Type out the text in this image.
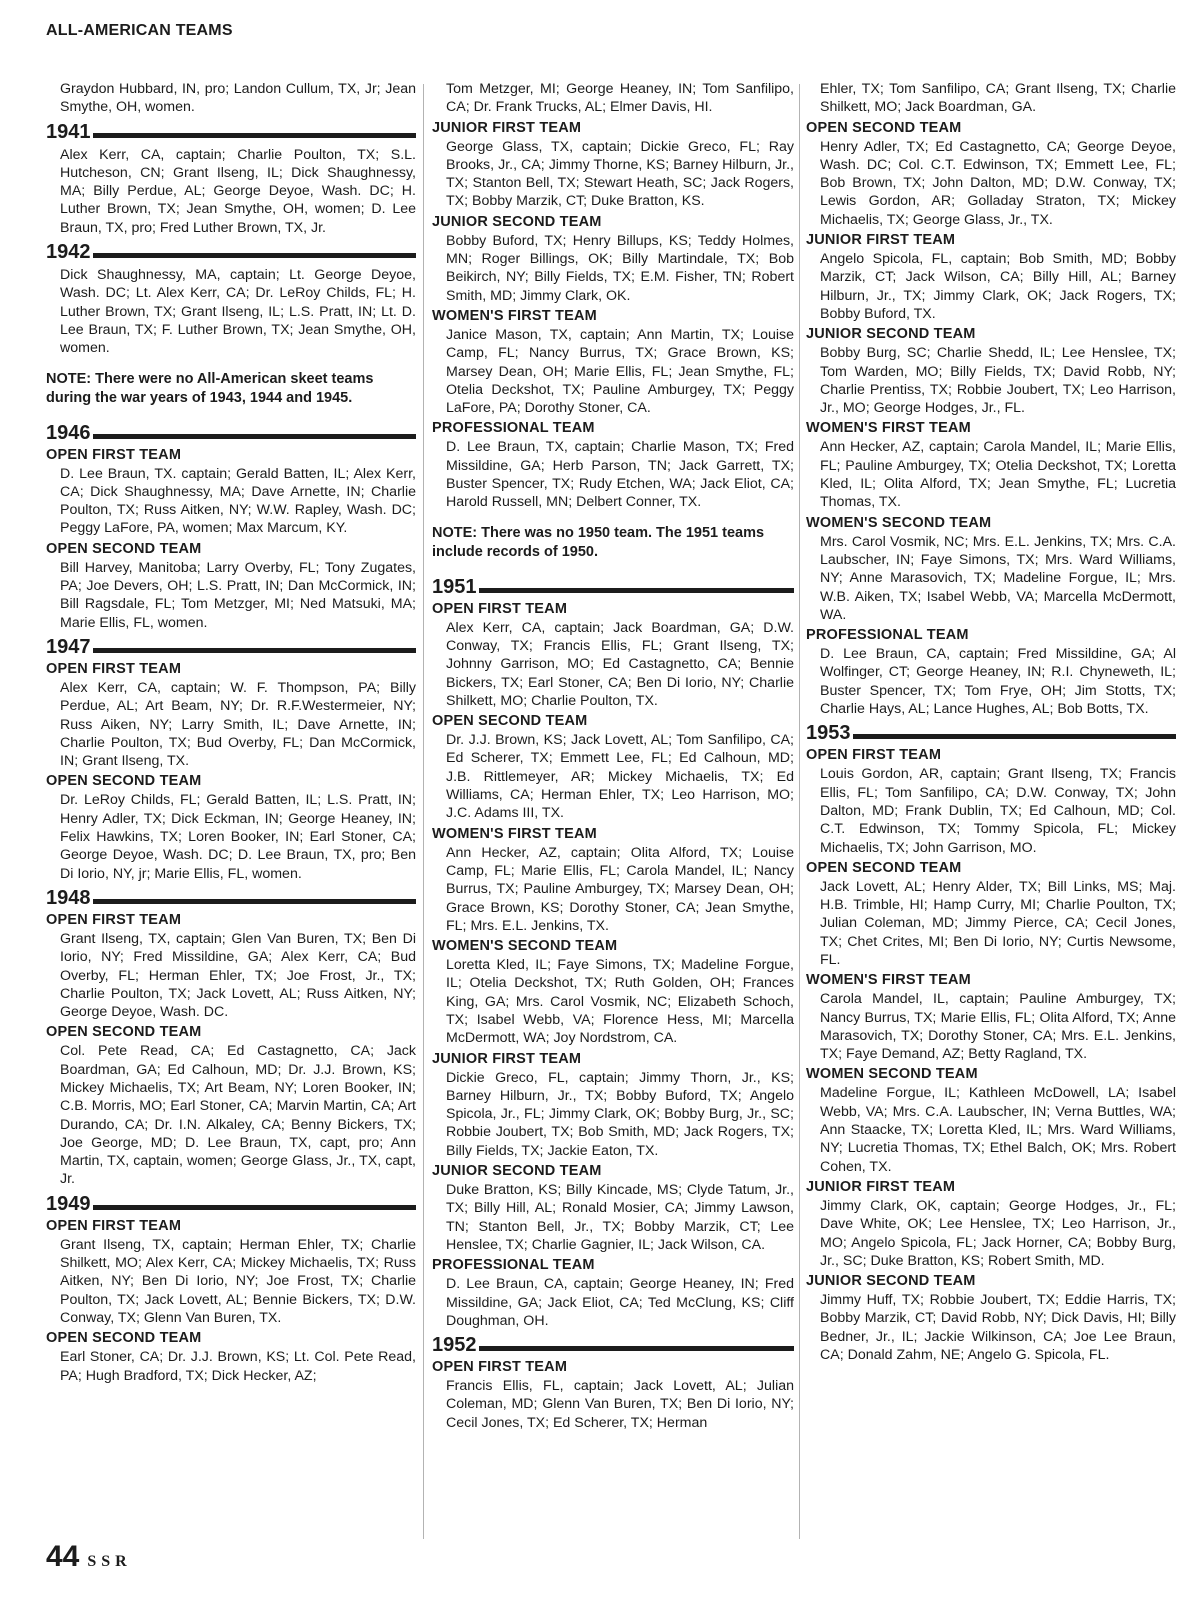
ALL-AMERICAN TEAMS
Graydon Hubbard, IN, pro; Landon Cullum, TX, Jr; Jean Smythe, OH, women.
1941
Alex Kerr, CA, captain; Charlie Poulton, TX; S.L. Hutcheson, CN; Grant Ilseng, IL; Dick Shaughnessy, MA; Billy Perdue, AL; George Deyoe, Wash. DC; H. Luther Brown, TX; Jean Smythe, OH, women; D. Lee Braun, TX, pro; Fred Luther Brown, TX, Jr.
1942
Dick Shaughnessy, MA, captain; Lt. George Deyoe, Wash. DC; Lt. Alex Kerr, CA; Dr. LeRoy Childs, FL; H. Luther Brown, TX; Grant Ilseng, IL; L.S. Pratt, IN; Lt. D. Lee Braun, TX; F. Luther Brown, TX; Jean Smythe, OH, women.
NOTE: There were no All-American skeet teams during the war years of 1943, 1944 and 1945.
1946
OPEN FIRST TEAM
D. Lee Braun, TX. captain; Gerald Batten, IL; Alex Kerr, CA; Dick Shaughnessy, MA; Dave Arnette, IN; Charlie Poulton, TX; Russ Aitken, NY; W.W. Rapley, Wash. DC; Peggy LaFore, PA, women; Max Marcum, KY.
OPEN SECOND TEAM
Bill Harvey, Manitoba; Larry Overby, FL; Tony Zugates, PA; Joe Devers, OH; L.S. Pratt, IN; Dan McCormick, IN; Bill Ragsdale, FL; Tom Metzger, MI; Ned Matsuki, MA; Marie Ellis, FL, women.
1947
OPEN FIRST TEAM
Alex Kerr, CA, captain; W. F. Thompson, PA; Billy Perdue, AL; Art Beam, NY; Dr. R.F.Westermeier, NY; Russ Aiken, NY; Larry Smith, IL; Dave Arnette, IN; Charlie Poulton, TX; Bud Overby, FL; Dan McCormick, IN; Grant Ilseng, TX.
OPEN SECOND TEAM
Dr. LeRoy Childs, FL; Gerald Batten, IL; L.S. Pratt, IN; Henry Adler, TX; Dick Eckman, IN; George Heaney, IN; Felix Hawkins, TX; Loren Booker, IN; Earl Stoner, CA; George Deyoe, Wash. DC; D. Lee Braun, TX, pro; Ben Di Iorio, NY, jr; Marie Ellis, FL, women.
1948
OPEN FIRST TEAM
Grant Ilseng, TX, captain; Glen Van Buren, TX; Ben Di Iorio, NY; Fred Missildine, GA; Alex Kerr, CA; Bud Overby, FL; Herman Ehler, TX; Joe Frost, Jr., TX; Charlie Poulton, TX; Jack Lovett, AL; Russ Aitken, NY; George Deyoe, Wash. DC.
OPEN SECOND TEAM
Col. Pete Read, CA; Ed Castagnetto, CA; Jack Boardman, GA; Ed Calhoun, MD; Dr. J.J. Brown, KS; Mickey Michaelis, TX; Art Beam, NY; Loren Booker, IN; C.B. Morris, MO; Earl Stoner, CA; Marvin Martin, CA; Art Durando, CA; Dr. I.N. Alkaley, CA; Benny Bickers, TX; Joe George, MD; D. Lee Braun, TX, capt, pro; Ann Martin, TX, captain, women; George Glass, Jr., TX, capt, Jr.
1949
OPEN FIRST TEAM
Grant Ilseng, TX, captain; Herman Ehler, TX; Charlie Shilkett, MO; Alex Kerr, CA; Mickey Michaelis, TX; Russ Aitken, NY; Ben Di Iorio, NY; Joe Frost, TX; Charlie Poulton, TX; Jack Lovett, AL; Bennie Bickers, TX; D.W. Conway, TX; Glenn Van Buren, TX.
OPEN SECOND TEAM
Earl Stoner, CA; Dr. J.J. Brown, KS; Lt. Col. Pete Read, PA; Hugh Bradford, TX; Dick Hecker, AZ;
Tom Metzger, MI; George Heaney, IN; Tom Sanfilipo, CA; Dr. Frank Trucks, AL; Elmer Davis, HI.
JUNIOR FIRST TEAM
George Glass, TX, captain; Dickie Greco, FL; Ray Brooks, Jr., CA; Jimmy Thorne, KS; Barney Hilburn, Jr., TX; Stanton Bell, TX; Stewart Heath, SC; Jack Rogers, TX; Bobby Marzik, CT; Duke Bratton, KS.
JUNIOR SECOND TEAM
Bobby Buford, TX; Henry Billups, KS; Teddy Holmes, MN; Roger Billings, OK; Billy Martindale, TX; Bob Beikirch, NY; Billy Fields, TX; E.M. Fisher, TN; Robert Smith, MD; Jimmy Clark, OK.
WOMEN'S FIRST TEAM
Janice Mason, TX, captain; Ann Martin, TX; Louise Camp, FL; Nancy Burrus, TX; Grace Brown, KS; Marsey Dean, OH; Marie Ellis, FL; Jean Smythe, FL; Otelia Deckshot, TX; Pauline Amburgey, TX; Peggy LaFore, PA; Dorothy Stoner, CA.
PROFESSIONAL TEAM
D. Lee Braun, TX, captain; Charlie Mason, TX; Fred Missildine, GA; Herb Parson, TN; Jack Garrett, TX; Buster Spencer, TX; Rudy Etchen, WA; Jack Eliot, CA; Harold Russell, MN; Delbert Conner, TX.
NOTE: There was no 1950 team. The 1951 teams include records of 1950.
1951
OPEN FIRST TEAM
Alex Kerr, CA, captain; Jack Boardman, GA; D.W. Conway, TX; Francis Ellis, FL; Grant Ilseng, TX; Johnny Garrison, MO; Ed Castagnetto, CA; Bennie Bickers, TX; Earl Stoner, CA; Ben Di Iorio, NY; Charlie Shilkett, MO; Charlie Poulton, TX.
OPEN SECOND TEAM
Dr. J.J. Brown, KS; Jack Lovett, AL; Tom Sanfilipo, CA; Ed Scherer, TX; Emmett Lee, FL; Ed Calhoun, MD; J.B. Rittlemeyer, AR; Mickey Michaelis, TX; Ed Williams, CA; Herman Ehler, TX; Leo Harrison, MO; J.C. Adams III, TX.
WOMEN'S FIRST TEAM
Ann Hecker, AZ, captain; Olita Alford, TX; Louise Camp, FL; Marie Ellis, FL; Carola Mandel, IL; Nancy Burrus, TX; Pauline Amburgey, TX; Marsey Dean, OH; Grace Brown, KS; Dorothy Stoner, CA; Jean Smythe, FL; Mrs. E.L. Jenkins, TX.
WOMEN'S SECOND TEAM
Loretta Kled, IL; Faye Simons, TX; Madeline Forgue, IL; Otelia Deckshot, TX; Ruth Golden, OH; Frances King, GA; Mrs. Carol Vosmik, NC; Elizabeth Schoch, TX; Isabel Webb, VA; Florence Hess, MI; Marcella McDermott, WA; Joy Nordstrom, CA.
JUNIOR FIRST TEAM
Dickie Greco, FL, captain; Jimmy Thorn, Jr., KS; Barney Hilburn, Jr., TX; Bobby Buford, TX; Angelo Spicola, Jr., FL; Jimmy Clark, OK; Bobby Burg, Jr., SC; Robbie Joubert, TX; Bob Smith, MD; Jack Rogers, TX; Billy Fields, TX; Jackie Eaton, TX.
JUNIOR SECOND TEAM
Duke Bratton, KS; Billy Kincade, MS; Clyde Tatum, Jr., TX; Billy Hill, AL; Ronald Mosier, CA; Jimmy Lawson, TN; Stanton Bell, Jr., TX; Bobby Marzik, CT; Lee Henslee, TX; Charlie Gagnier, IL; Jack Wilson, CA.
PROFESSIONAL TEAM
D. Lee Braun, CA, captain; George Heaney, IN; Fred Missildine, GA; Jack Eliot, CA; Ted McClung, KS; Cliff Doughman, OH.
1952
OPEN FIRST TEAM
Francis Ellis, FL, captain; Jack Lovett, AL; Julian Coleman, MD; Glenn Van Buren, TX; Ben Di Iorio, NY; Cecil Jones, TX; Ed Scherer, TX; Herman
Ehler, TX; Tom Sanfilipo, CA; Grant Ilseng, TX; Charlie Shilkett, MO; Jack Boardman, GA.
OPEN SECOND TEAM
Henry Adler, TX; Ed Castagnetto, CA; George Deyoe, Wash. DC; Col. C.T. Edwinson, TX; Emmett Lee, FL; Bob Brown, TX; John Dalton, MD; D.W. Conway, TX; Lewis Gordon, AR; Golladay Straton, TX; Mickey Michaelis, TX; George Glass, Jr., TX.
JUNIOR FIRST TEAM
Angelo Spicola, FL, captain; Bob Smith, MD; Bobby Marzik, CT; Jack Wilson, CA; Billy Hill, AL; Barney Hilburn, Jr., TX; Jimmy Clark, OK; Jack Rogers, TX; Bobby Buford, TX.
JUNIOR SECOND TEAM
Bobby Burg, SC; Charlie Shedd, IL; Lee Henslee, TX; Tom Warden, MO; Billy Fields, TX; David Robb, NY; Charlie Prentiss, TX; Robbie Joubert, TX; Leo Harrison, Jr., MO; George Hodges, Jr., FL.
WOMEN'S FIRST TEAM
Ann Hecker, AZ, captain; Carola Mandel, IL; Marie Ellis, FL; Pauline Amburgey, TX; Otelia Deckshot, TX; Loretta Kled, IL; Olita Alford, TX; Jean Smythe, FL; Lucretia Thomas, TX.
WOMEN'S SECOND TEAM
Mrs. Carol Vosmik, NC; Mrs. E.L. Jenkins, TX; Mrs. C.A. Laubscher, IN; Faye Simons, TX; Mrs. Ward Williams, NY; Anne Marasovich, TX; Madeline Forgue, IL; Mrs. W.B. Aiken, TX; Isabel Webb, VA; Marcella McDermott, WA.
PROFESSIONAL TEAM
D. Lee Braun, CA, captain; Fred Missildine, GA; Al Wolfinger, CT; George Heaney, IN; R.I. Chyneweth, IL; Buster Spencer, TX; Tom Frye, OH; Jim Stotts, TX; Charlie Hays, AL; Lance Hughes, AL; Bob Botts, TX.
1953
OPEN FIRST TEAM
Louis Gordon, AR, captain; Grant Ilseng, TX; Francis Ellis, FL; Tom Sanfilipo, CA; D.W. Conway, TX; John Dalton, MD; Frank Dublin, TX; Ed Calhoun, MD; Col. C.T. Edwinson, TX; Tommy Spicola, FL; Mickey Michaelis, TX; John Garrison, MO.
OPEN SECOND TEAM
Jack Lovett, AL; Henry Alder, TX; Bill Links, MS; Maj. H.B. Trimble, HI; Hamp Curry, MI; Charlie Poulton, TX; Julian Coleman, MD; Jimmy Pierce, CA; Cecil Jones, TX; Chet Crites, MI; Ben Di Iorio, NY; Curtis Newsome, FL.
WOMEN'S FIRST TEAM
Carola Mandel, IL, captain; Pauline Amburgey, TX; Nancy Burrus, TX; Marie Ellis, FL; Olita Alford, TX; Anne Marasovich, TX; Dorothy Stoner, CA; Mrs. E.L. Jenkins, TX; Faye Demand, AZ; Betty Ragland, TX.
WOMEN SECOND TEAM
Madeline Forgue, IL; Kathleen McDowell, LA; Isabel Webb, VA; Mrs. C.A. Laubscher, IN; Verna Buttles, WA; Ann Staacke, TX; Loretta Kled, IL; Mrs. Ward Williams, NY; Lucretia Thomas, TX; Ethel Balch, OK; Mrs. Robert Cohen, TX.
JUNIOR FIRST TEAM
Jimmy Clark, OK, captain; George Hodges, Jr., FL; Dave White, OK; Lee Henslee, TX; Leo Harrison, Jr., MO; Angelo Spicola, FL; Jack Horner, CA; Bobby Burg, Jr., SC; Duke Bratton, KS; Robert Smith, MD.
JUNIOR SECOND TEAM
Jimmy Huff, TX; Robbie Joubert, TX; Eddie Harris, TX; Bobby Marzik, CT; David Robb, NY; Dick Davis, HI; Billy Bedner, Jr., IL; Jackie Wilkinson, CA; Joe Lee Braun, CA; Donald Zahm, NE; Angelo G. Spicola, FL.
44 SSR
